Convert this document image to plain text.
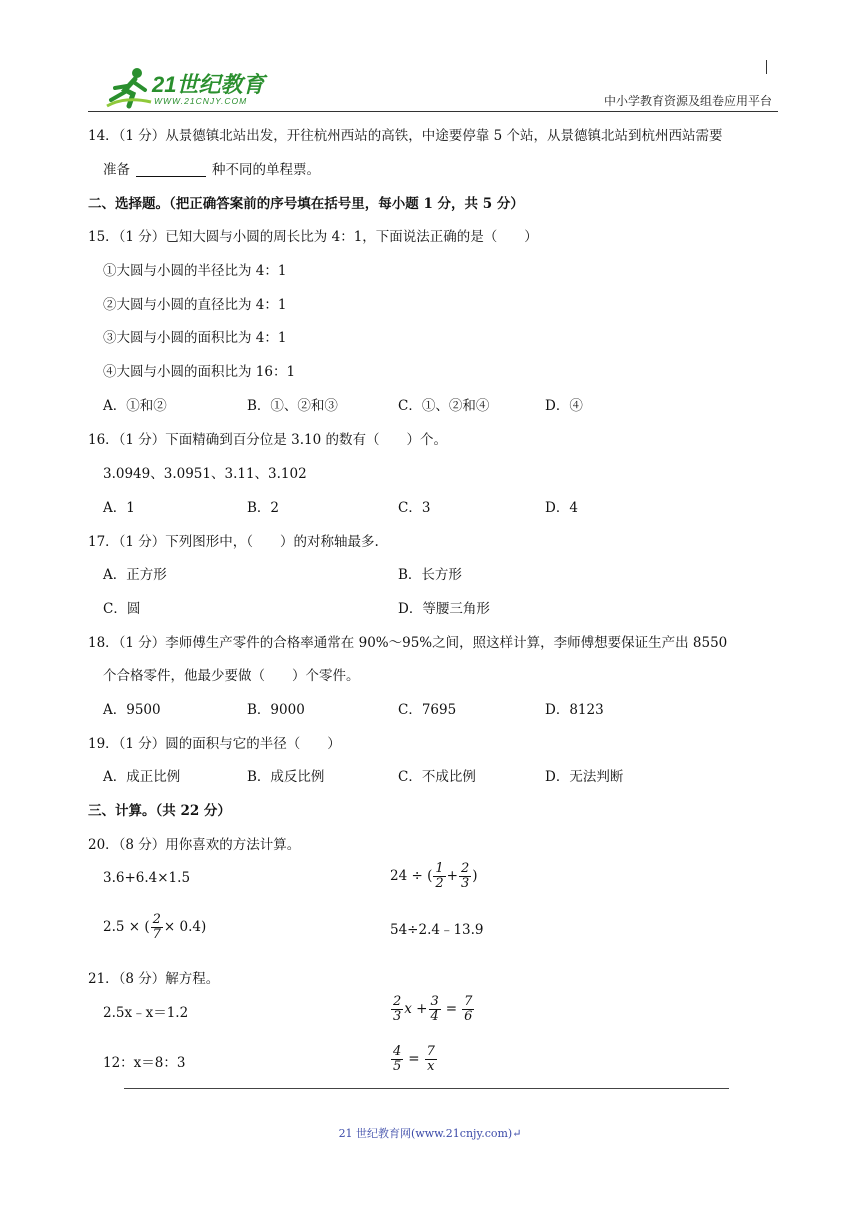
21世纪教育
WWW.21CNJY.COM	中小学教育资源及组卷应用平台
14．（1 分）从景德镇北站出发，开往杭州西站的高铁，中途要停靠 5 个站，从景德镇北站到杭州西站需要
准备	种不同的单程票。
二、选择题。（把正确答案前的序号填在括号里，每小题 1 分，共 5 分）
15．（1 分）已知大圆与小圆的周长比为 4：1，下面说法正确的是（　　）
①大圆与小圆的半径比为 4：1
②大圆与小圆的直径比为 4：1
③大圆与小圆的面积比为 4：1
④大圆与小圆的面积比为 16：1
A．①和②	B．①、②和③	C．①、②和④	D．④
16．（1 分）下面精确到百分位是 3.10 的数有（　　）个。
3.0949、3.0951、3.11、3.102
A．1	B．2	C．3	D．4
17．（1 分）下列图形中，（　　）的对称轴最多.
A．正方形	B．长方形
C．圆	D．等腰三角形
18．（1 分）李师傅生产零件的合格率通常在 90%～95%之间，照这样计算，李师傅想要保证生产出 8550
个合格零件，他最少要做（　　）个零件。
A．9500	B．9000	C．7695	D．8123
19．（1 分）圆的面积与它的半径（　　）
A．成正比例	B．成反比例	C．不成比例	D．无法判断
三、计算。（共 22 分）
20．（8 分）用你喜欢的方法计算。
3.6+6.4×1.5	24 ÷ ( $\frac{1}{2} + \frac{2}{3}$ )
2.5 × ( $\frac{2}{7} \times 0.4$)	54÷2.4﹣13.9
21．（8 分）解方程。
2.5x﹣x＝1.2	$\frac{2}{3}$ $x + \frac{3}{4} = \frac{7}{6}$
12：x＝8：3	$\frac{4}{5} = \frac{7}{x}$
21 世纪教育网(www.21cnjy.com)↵
